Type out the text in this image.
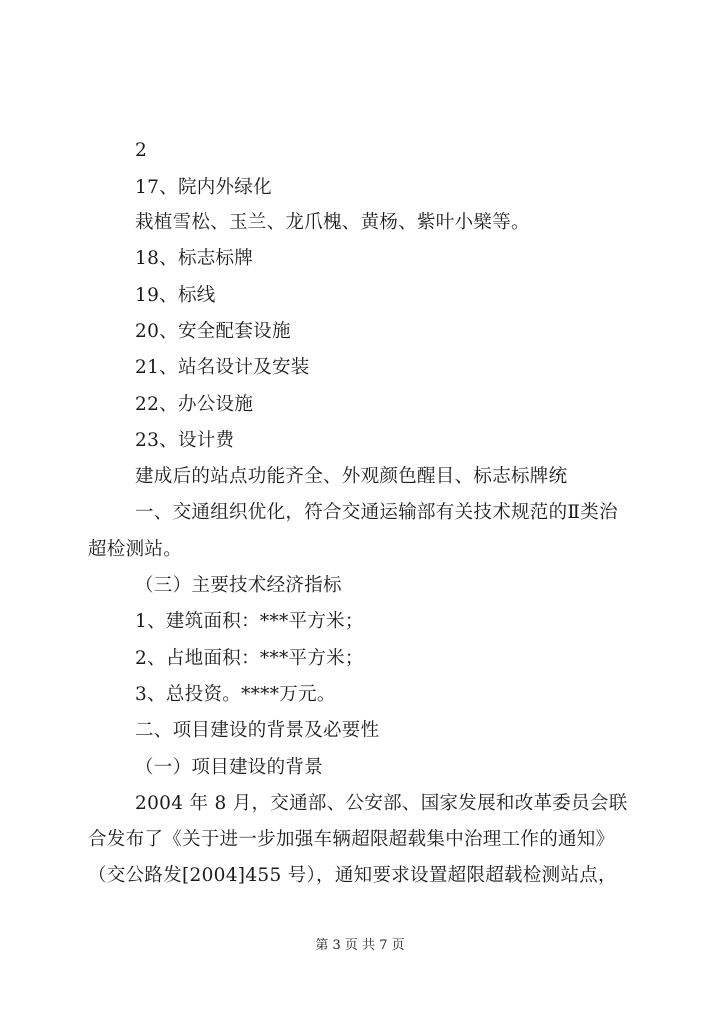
2
17、院内外绿化
栽植雪松、玉兰、龙爪槐、黄杨、紫叶小檗等。
18、标志标牌
19、标线
20、安全配套设施
21、站名设计及安装
22、办公设施
23、设计费
建成后的站点功能齐全、外观颜色醒目、标志标牌统
一、交通组织优化，符合交通运输部有关技术规范的Ⅱ类治
超检测站。
（三）主要技术经济指标
1、建筑面积：***平方米；
2、占地面积：***平方米；
3、总投资。****万元。
二、项目建设的背景及必要性
（一）项目建设的背景
2004 年 8 月，交通部、公安部、国家发展和改革委员会联
合发布了《关于进一步加强车辆超限超载集中治理工作的通知》
（交公路发[2004]455 号），通知要求设置超限超载检测站点，
第 3 页 共 7 页
